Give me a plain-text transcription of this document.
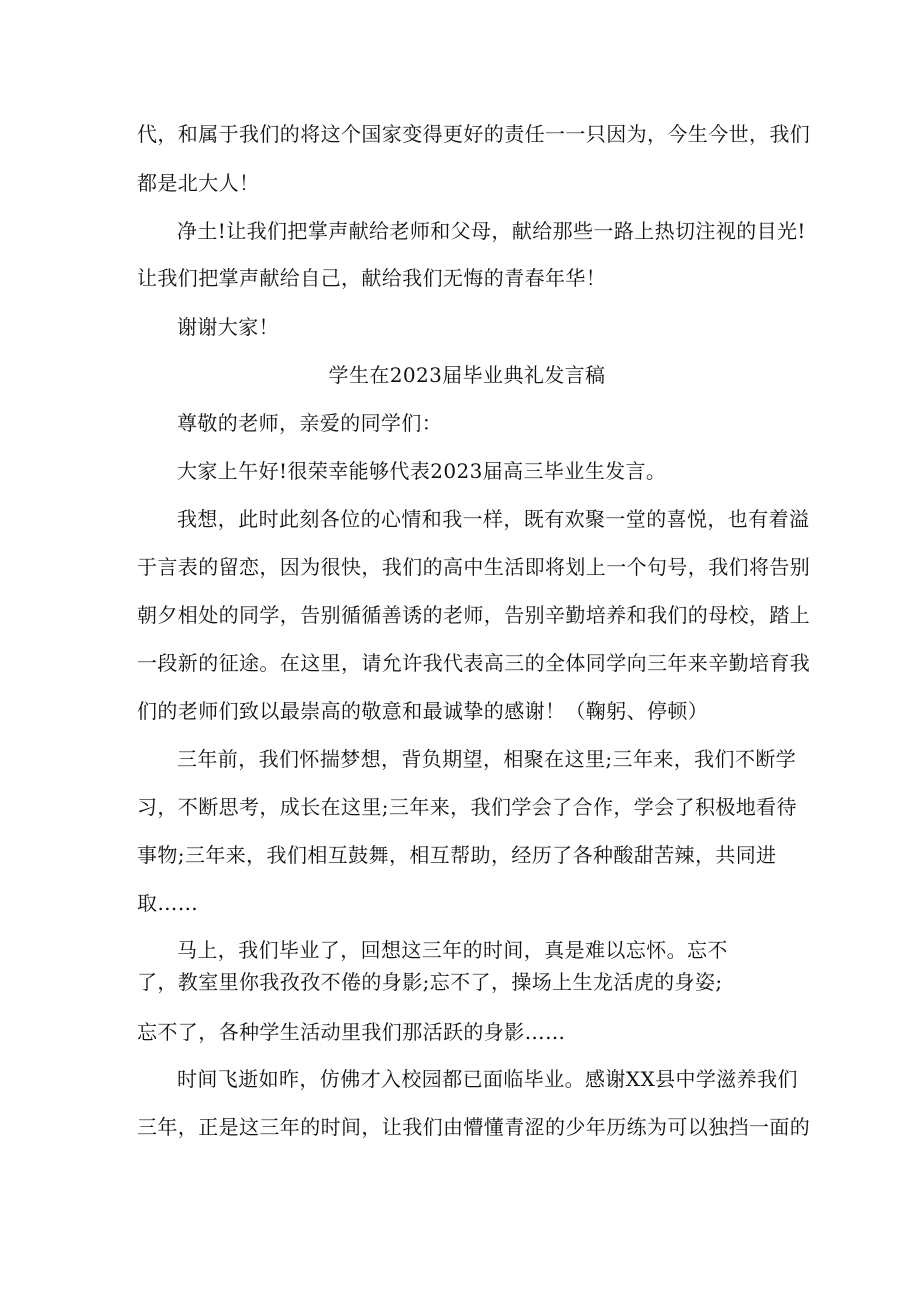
代，和属于我们的将这个国家变得更好的责任一一只因为，今生今世，我们
都是北大人！
净土!让我们把掌声献给老师和父母，献给那些一路上热切注视的目光!
让我们把掌声献给自己，献给我们无悔的青春年华！
谢谢大家！
学生在2023届毕业典礼发言稿
尊敬的老师，亲爱的同学们：
大家上午好!很荣幸能够代表2023届高三毕业生发言。
我想，此时此刻各位的心情和我一样，既有欢聚一堂的喜悦，也有着溢
于言表的留恋，因为很快，我们的高中生活即将划上一个句号，我们将告别
朝夕相处的同学，告别循循善诱的老师，告别辛勤培养和我们的母校，踏上
一段新的征途。在这里，请允许我代表高三的全体同学向三年来辛勤培育我
们的老师们致以最崇高的敬意和最诚挚的感谢！（鞠躬、停顿）
三年前，我们怀揣梦想，背负期望，相聚在这里;三年来，我们不断学
习，不断思考，成长在这里;三年来，我们学会了合作，学会了积极地看待
事物;三年来，我们相互鼓舞，相互帮助，经历了各种酸甜苦辣，共同进
取……
马上，我们毕业了，回想这三年的时间，真是难以忘怀。忘不
了，教室里你我孜孜不倦的身影;忘不了，操场上生龙活虎的身姿;
忘不了，各种学生活动里我们那活跃的身影……
时间飞逝如昨，仿佛才入校园都已面临毕业。感谢XX县中学滋养我们
三年，正是这三年的时间，让我们由懵懂青涩的少年历练为可以独挡一面的
